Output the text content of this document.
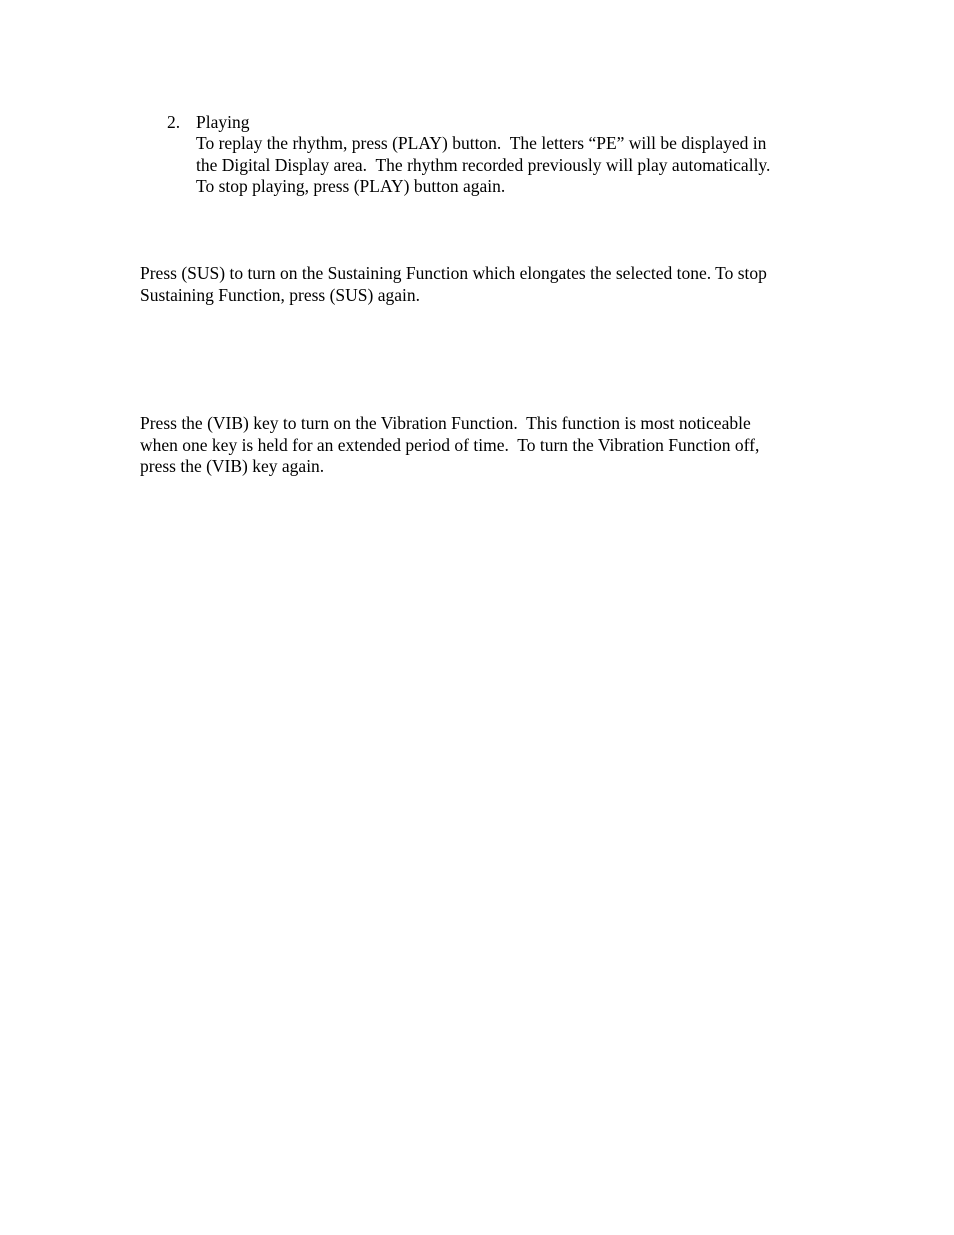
2. Playing
To replay the rhythm, press (PLAY) button.  The letters “PE” will be displayed in
the Digital Display area.  The rhythm recorded previously will play automatically.
To stop playing, press (PLAY) button again.
Press (SUS) to turn on the Sustaining Function which elongates the selected tone. To stop
Sustaining Function, press (SUS) again.
Press the (VIB) key to turn on the Vibration Function.  This function is most noticeable
when one key is held for an extended period of time.  To turn the Vibration Function off,
press the (VIB) key again.
